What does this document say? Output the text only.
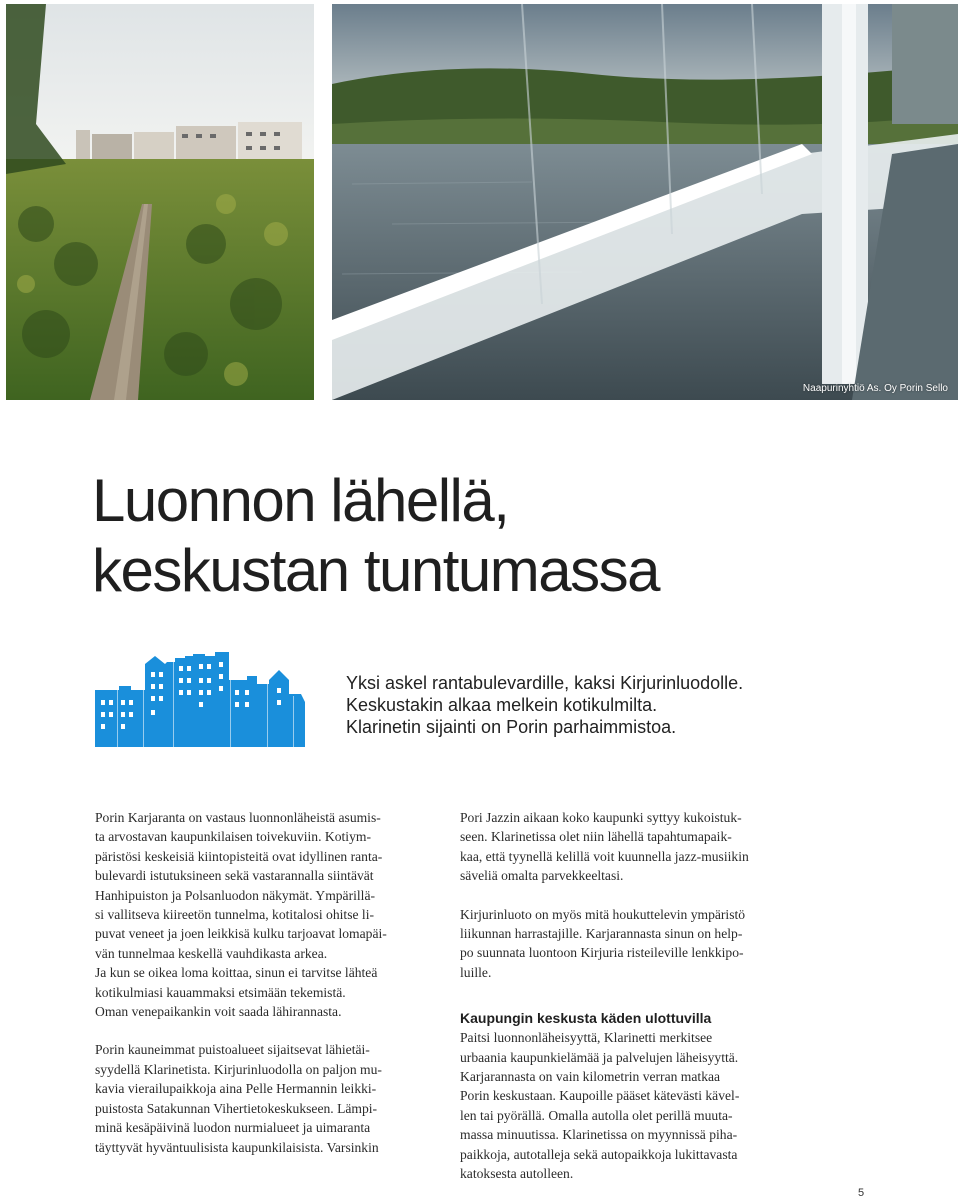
Naapurinyhtiö As. Oy Porin Sello
Luonnon lähellä,
keskustan tuntumassa
Yksi askel rantabulevardille, kaksi Kirjurinluodolle.
Keskustakin alkaa melkein kotikulmilta.
Klarinetin sijainti on Porin parhaimmistoa.

Porin Karjaranta on vastaus luonnonläheistä asumis-
ta arvostavan kaupunkilaisen toivekuviin. Kotiym-
päristösi keskeisiä kiintopisteitä ovat idyllinen ranta-
bulevardi istutuksineen sekä vastarannalla siintävät
Hanhipuiston ja Polsanluodon näkymät. Ympärillä-
si vallitseva kiireetön tunnelma, kotitalosi ohitse li-
puvat veneet ja joen leikkisä kulku tarjoavat lomapäi-
vän tunnelmaa keskellä vauhdikasta arkea.
Ja kun se oikea loma koittaa, sinun ei tarvitse lähteä
kotikulmiasi kauammaksi etsimään tekemistä.
Oman venepaikankin voit saada lähirannasta.

Porin kauneimmat puistoalueet sijaitsevat lähietäi-
syydellä Klarinetista. Kirjurinluodolla on paljon mu-
kavia vierailupaikkoja aina Pelle Hermannin leikki-
puistosta Satakunnan Vihertietokeskukseen. Lämpi-
minä kesäpäivinä luodon nurmialueet ja uimaranta
täyttyvät hyväntuulisista kaupunkilaisista. Varsinkin

Pori Jazzin aikaan koko kaupunki syttyy kukoistuk-
seen. Klarinetissa olet niin lähellä tapahtumapaik-
kaa, että tyynellä kelillä voit kuunnella jazz-musiikin
säveliä omalta parvekkeeltasi.

Kirjurinluoto on myös mitä houkuttelevin ympäristö
liikunnan harrastajille. Karjarannasta sinun on help-
po suunnata luontoon Kirjuria risteileville lenkkipo-
luille.

Kaupungin keskusta käden ulottuvilla

Paitsi luonnonläheisyyttä, Klarinetti merkitsee
urbaania kaupunkielämää ja palvelujen läheisyyttä.
Karjarannasta on vain kilometrin verran matkaa
Porin keskustaan. Kaupoille pääset kätevästi kävel-
len tai pyörällä. Omalla autolla olet perillä muuta-
massa minuutissa. Klarinetissa on myynnissä piha-
paikkoja, autotalleja sekä autopaikkoja lukittavasta
katoksesta autolleen.

5
